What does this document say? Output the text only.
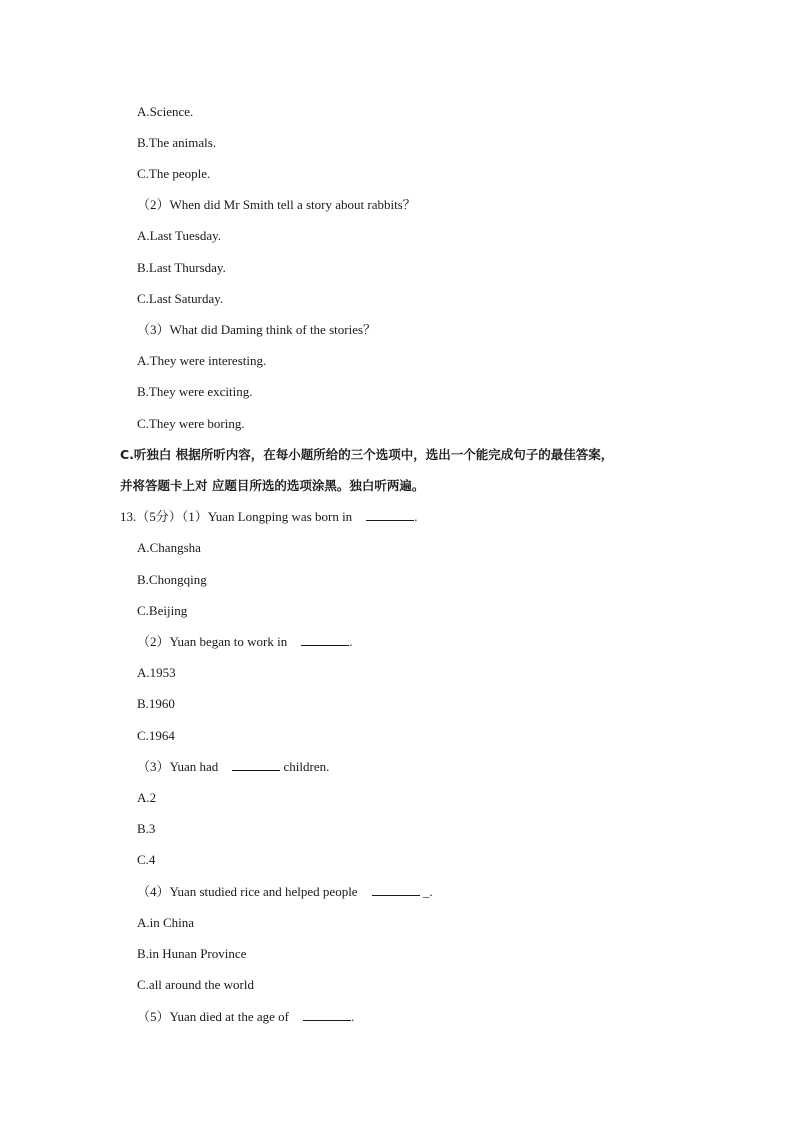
A.Science.
B.The animals.
C.The people.
（2）When did Mr Smith tell a story about rabbits？
A.Last Tuesday.
B.Last Thursday.
C.Last Saturday.
（3）What did Daming think of the stories？
A.They were interesting.
B.They were exciting.
C.They were boring.
C.听独白 根据所听内容，在每小题所给的三个选项中，选出一个能完成句子的最佳答案，
并将答题卡上对 应题目所选的选项涂黑。独白听两遍。
13.（5分）（1）Yuan Longping was born in	.
A.Changsha
B.Chongqing
C.Beijing
（2）Yuan began to work in	.
A.1953
B.1960
C.1964
（3）Yuan had	children.
A.2
B.3
C.4
（4）Yuan studied rice and helped people	_.
A.in China
B.in Hunan Province
C.all around the world
（5）Yuan died at the age of	.
